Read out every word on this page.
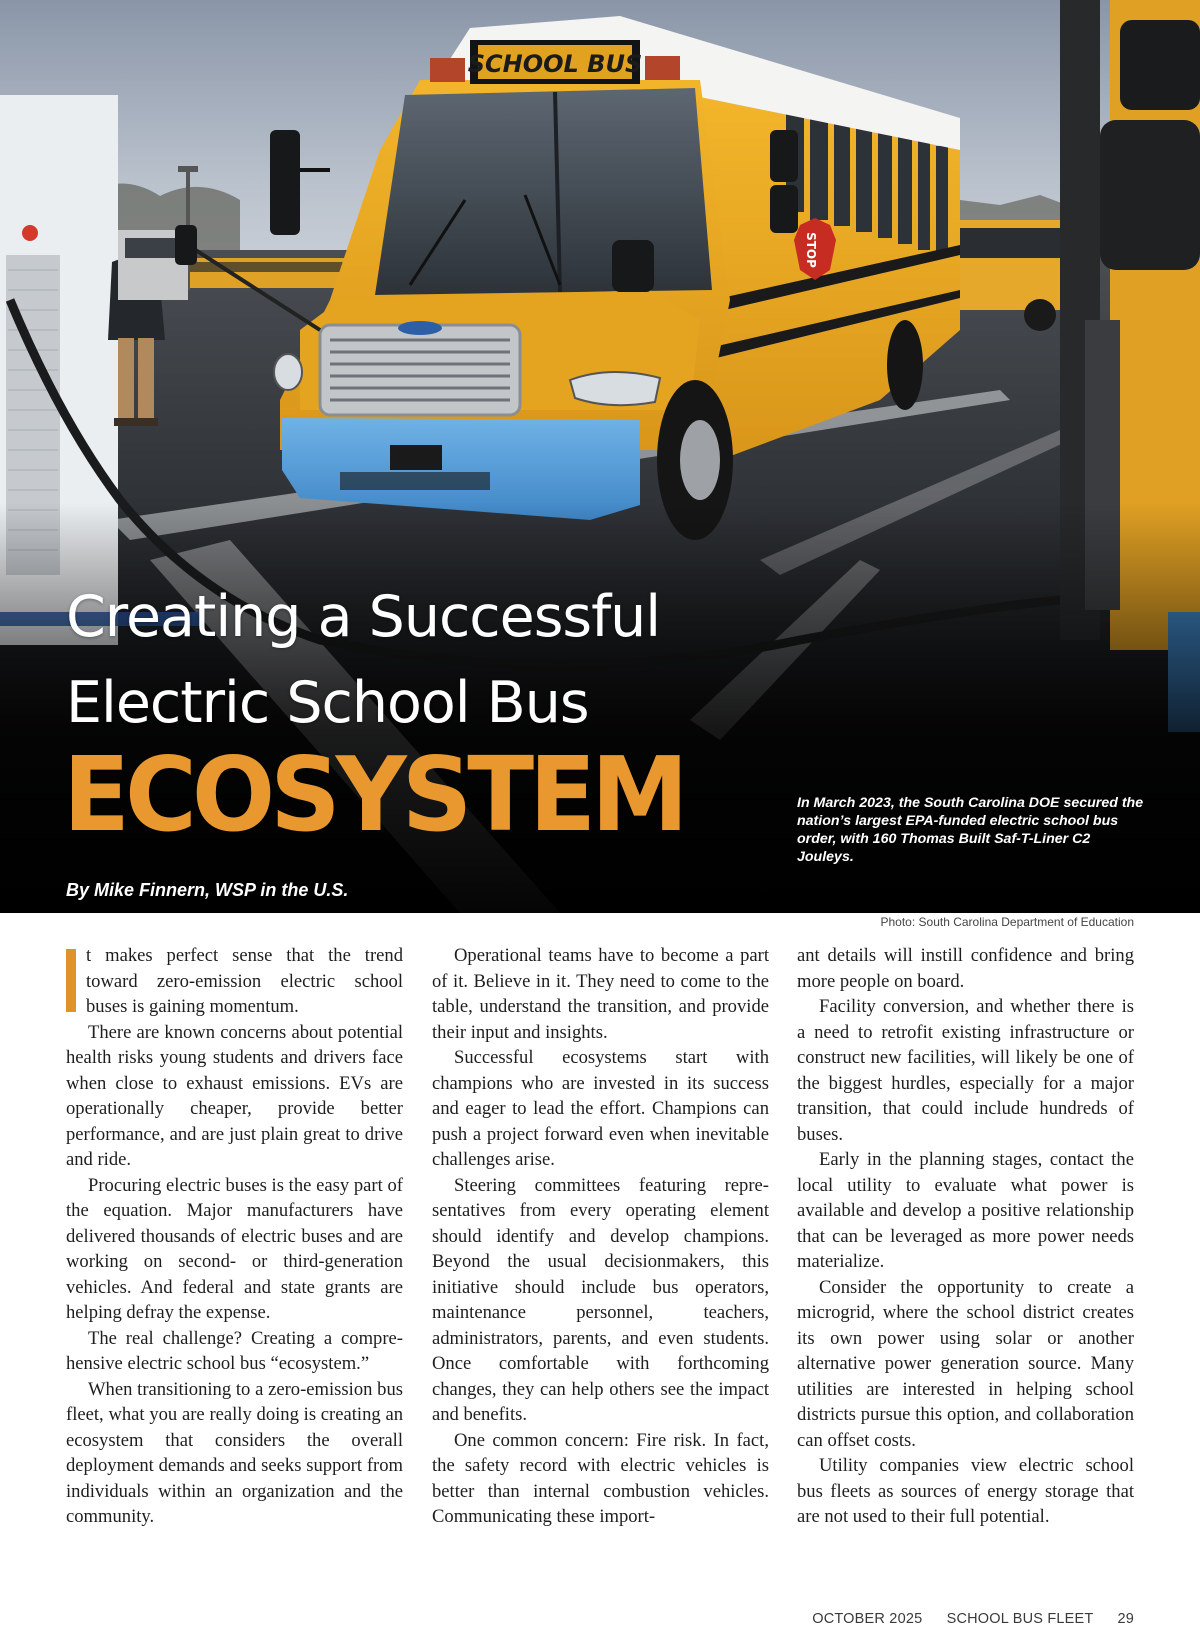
Creating a Successful
Electric School Bus
ECOSYSTEM
By Mike Finnern, WSP in the U.S.
In March 2023, the South Carolina DOE secured the nation’s largest EPA-funded electric school bus order, with 160 Thomas Built Saf-T-Liner C2 Jouleys.
Photo: South Carolina Department of Education

t makes perfect sense that the trend toward zero-emission electric school buses is gaining momentum.

There are known concerns about potential health risks young students and drivers face when close to exhaust emissions. EVs are operationally cheaper, provide better performance, and are just plain great to drive and ride.

Procuring electric buses is the easy part of the equation. Major manufacturers have delivered thousands of electric buses and are working on second- or third-generation vehicles. And federal and state grants are helping defray the expense.

The real challenge? Creating a comprehensive electric school bus “ecosystem.”

When transitioning to a zero-emission bus fleet, what you are really doing is creating an ecosystem that considers the overall deployment demands and seeks support from individuals within an organization and the community.

Operational teams have to become a part of it. Believe in it. They need to come to the table, understand the transition, and provide their input and insights.

Successful ecosystems start with champions who are invested in its success and eager to lead the effort. Champions can push a project forward even when inevitable challenges arise.

Steering committees featuring representatives from every operating element should identify and develop champions. Beyond the usual decisionmakers, this initiative should include bus operators, maintenance personnel, teachers, administrators, parents, and even students. Once comfortable with forthcoming changes, they can help others see the impact and benefits.

One common concern: Fire risk. In fact, the safety record with electric vehicles is better than internal combustion vehicles. Communicating these import-

ant details will instill confidence and bring more people on board.

Facility conversion, and whether there is a need to retrofit existing infrastructure or construct new facilities, will likely be one of the biggest hurdles, especially for a major transition, that could include hundreds of buses.

Early in the planning stages, contact the local utility to evaluate what power is available and develop a positive relationship that can be leveraged as more power needs materialize.

Consider the opportunity to create a microgrid, where the school district creates its own power using solar or another alternative power generation source. Many utilities are interested in helping school districts pursue this option, and collaboration can offset costs.

Utility companies view electric school bus fleets as sources of energy storage that are not used to their full potential.

OCTOBER 2025 SCHOOL BUS FLEET 29
